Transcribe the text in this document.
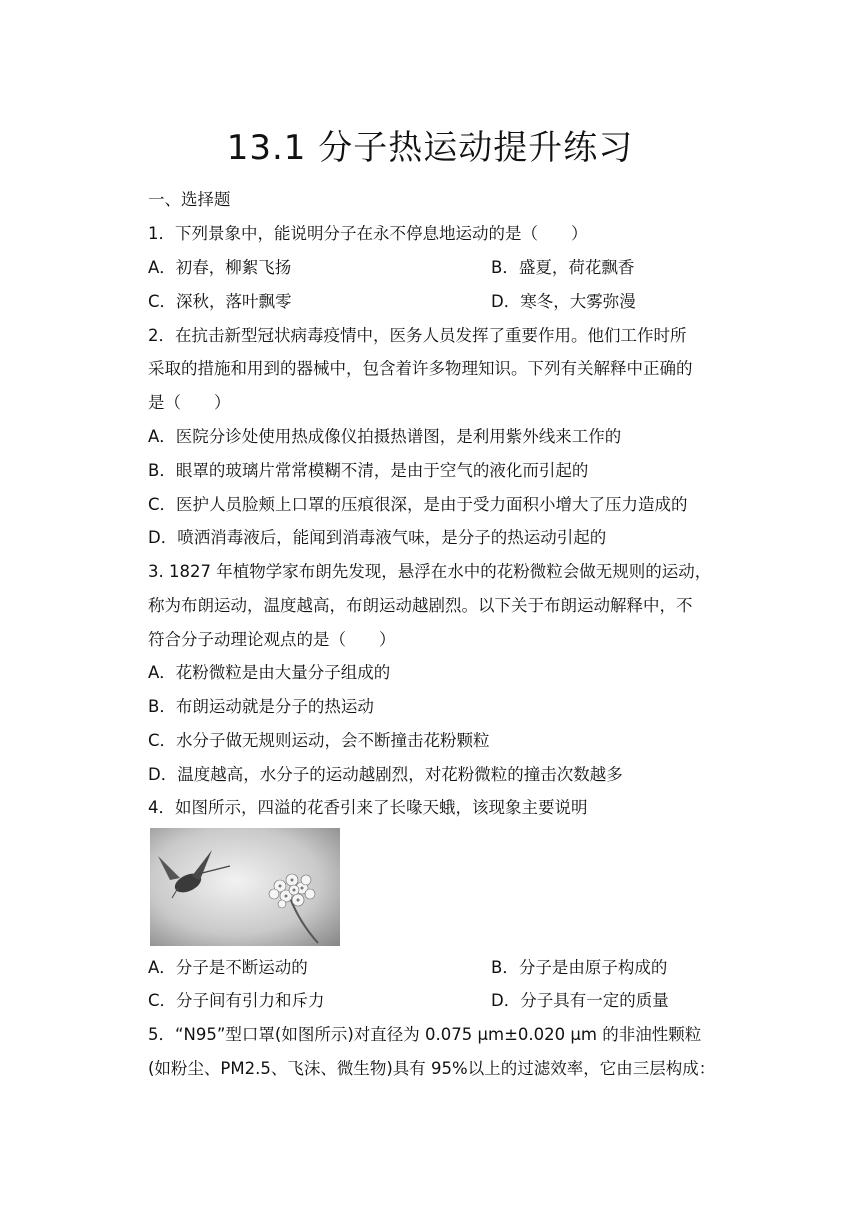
13.1 分子热运动提升练习
一、选择题
1．下列景象中，能说明分子在永不停息地运动的是（　　）
A．初春，柳絮飞扬	B．盛夏，荷花飘香
C．深秋，落叶飘零	D．寒冬，大雾弥漫
2．在抗击新型冠状病毒疫情中，医务人员发挥了重要作用。他们工作时所
采取的措施和用到的器械中，包含着许多物理知识。下列有关解释中正确的
是（　　）
A．医院分诊处使用热成像仪拍摄热谱图，是利用紫外线来工作的
B．眼罩的玻璃片常常模糊不清，是由于空气的液化而引起的
C．医护人员脸颊上口罩的压痕很深，是由于受力面积小增大了压力造成的
D．喷洒消毒液后，能闻到消毒液气味，是分子的热运动引起的
3. 1827 年植物学家布朗先发现，悬浮在水中的花粉微粒会做无规则的运动，
称为布朗运动，温度越高，布朗运动越剧烈。以下关于布朗运动解释中，不
符合分子动理论观点的是（　　）
A．花粉微粒是由大量分子组成的
B．布朗运动就是分子的热运动
C．水分子做无规则运动，会不断撞击花粉颗粒
D．温度越高，水分子的运动越剧烈，对花粉微粒的撞击次数越多
4．如图所示，四溢的花香引来了长喙天蛾，该现象主要说明
A．分子是不断运动的	B．分子是由原子构成的
C．分子间有引力和斥力	D．分子具有一定的质量
5．“N95”型口罩(如图所示)对直径为 0.075 μm±0.020 μm 的非油性颗粒
(如粉尘、PM2.5、飞沫、微生物)具有 95%以上的过滤效率，它由三层构成：
